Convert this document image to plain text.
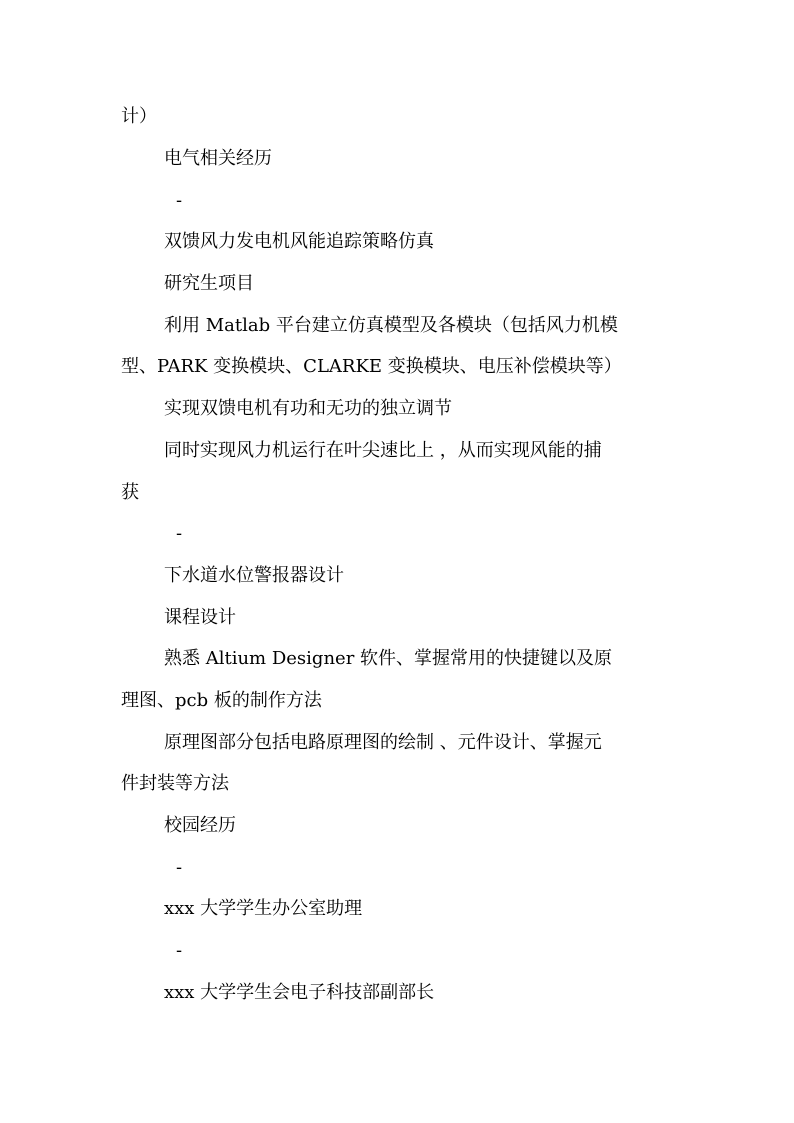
计）
电气相关经历
-
双馈风力发电机风能追踪策略仿真
研究生项目
利用 Matlab 平台建立仿真模型及各模块（包括风力机模
型、PARK 变换模块、CLARKE 变换模块、电压补偿模块等）
实现双馈电机有功和无功的独立调节
同时实现风力机运行在叶尖速比上 ，从而实现风能的捕
获
-
下水道水位警报器设计
课程设计
熟悉 Altium Designer 软件、掌握常用的快捷键以及原
理图、pcb 板的制作方法
原理图部分包括电路原理图的绘制 、元件设计、掌握元
件封装等方法
校园经历
-
xxx 大学学生办公室助理
-
xxx 大学学生会电子科技部副部长
